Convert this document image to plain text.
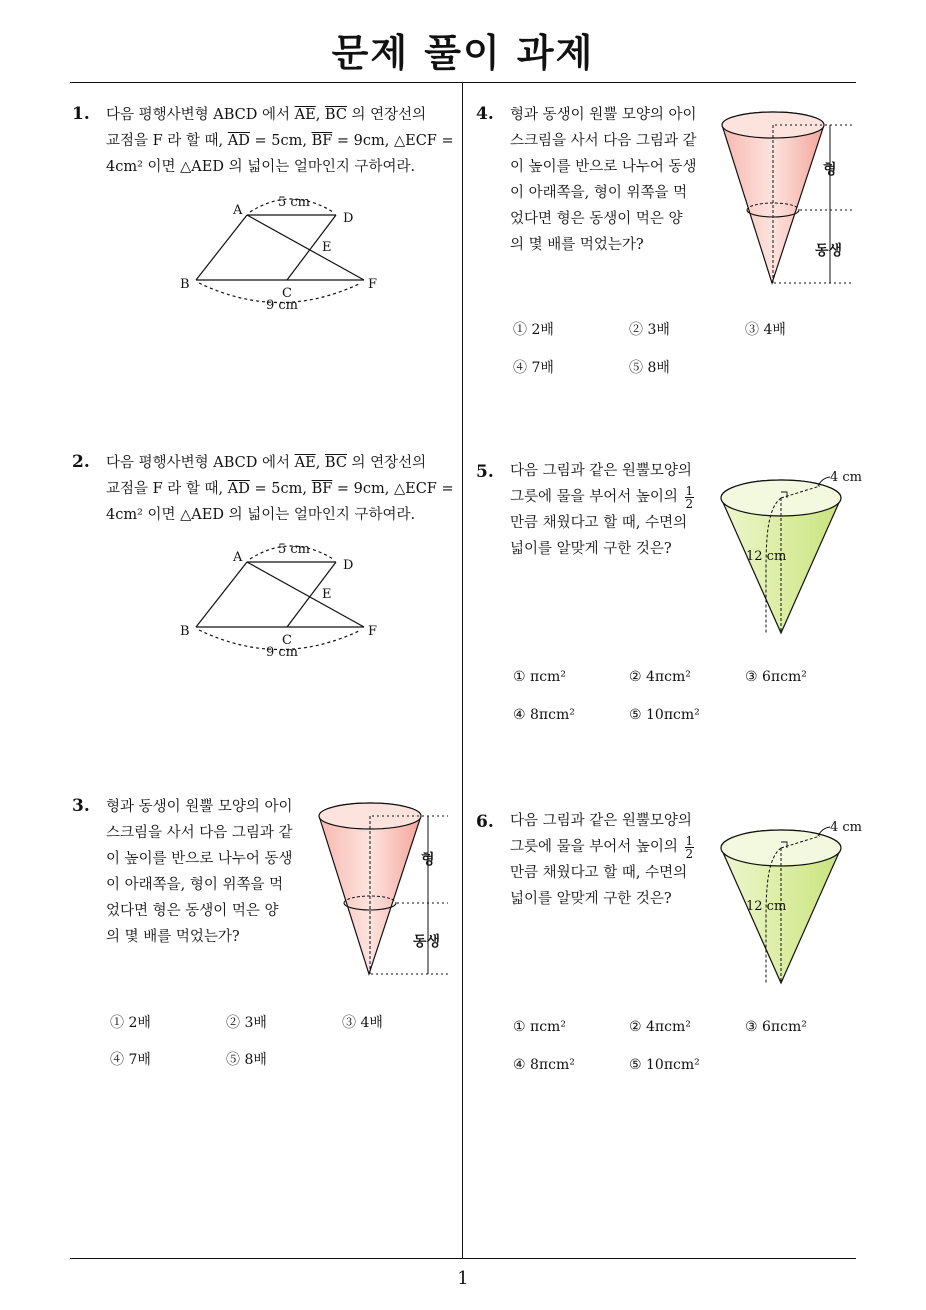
문제 풀이 과제
1
1. 다음 평행사변형 ABCD 에서 $\overline{AE}$, $\overline{BC}$ 의 연장선의
교점을 F 라 할 때, $\overline{AD} = 5cm$, $\overline{BF} = 9cm$, △ECF =
4cm² 이면 △AED 의 넓이는 얼마인지 구하여라.
A
D
E
B
C
F
5 cm
9 cm
2. 다음 평행사변형 ABCD 에서 $\overline{AE}$, $\overline{BC}$ 의 연장선의
교점을 F 라 할 때, $\overline{AD} = 5cm$, $\overline{BF} = 9cm$, △ECF =
4cm² 이면 △AED 의 넓이는 얼마인지 구하여라.
A
D
E
B
C
F
5 cm
9 cm
3. 형과 동생이 원뿔 모양의 아이
스크림을 사서 다음 그림과 같
이 높이를 반으로 나누어 동생
이 아래쪽을, 형이 위쪽을 먹
었다면 형은 동생이 먹은 양
의 몇 배를 먹었는가?
형
동생
① 2배	② 3배	③ 4배
④ 7배	⑤ 8배
4. 형과 동생이 원뿔 모양의 아이
스크림을 사서 다음 그림과 같
이 높이를 반으로 나누어 동생
이 아래쪽을, 형이 위쪽을 먹
었다면 형은 동생이 먹은 양
의 몇 배를 먹었는가?
형
동생
① 2배	② 3배	③ 4배
④ 7배	⑤ 8배
5. 다음 그림과 같은 원뿔모양의
그릇에 물을 부어서 높이의 $\frac{1}{2}$
만큼 채웠다고 할 때, 수면의
넓이를 알맞게 구한 것은?
4 cm
12 cm
① πcm²	② 4πcm²	③ 6πcm²
④ 8πcm²	⑤ 10πcm²
6. 다음 그림과 같은 원뿔모양의
그릇에 물을 부어서 높이의 $\frac{1}{2}$
만큼 채웠다고 할 때, 수면의
넓이를 알맞게 구한 것은?
4 cm
12 cm
① πcm²	② 4πcm²	③ 6πcm²
④ 8πcm²	⑤ 10πcm²
